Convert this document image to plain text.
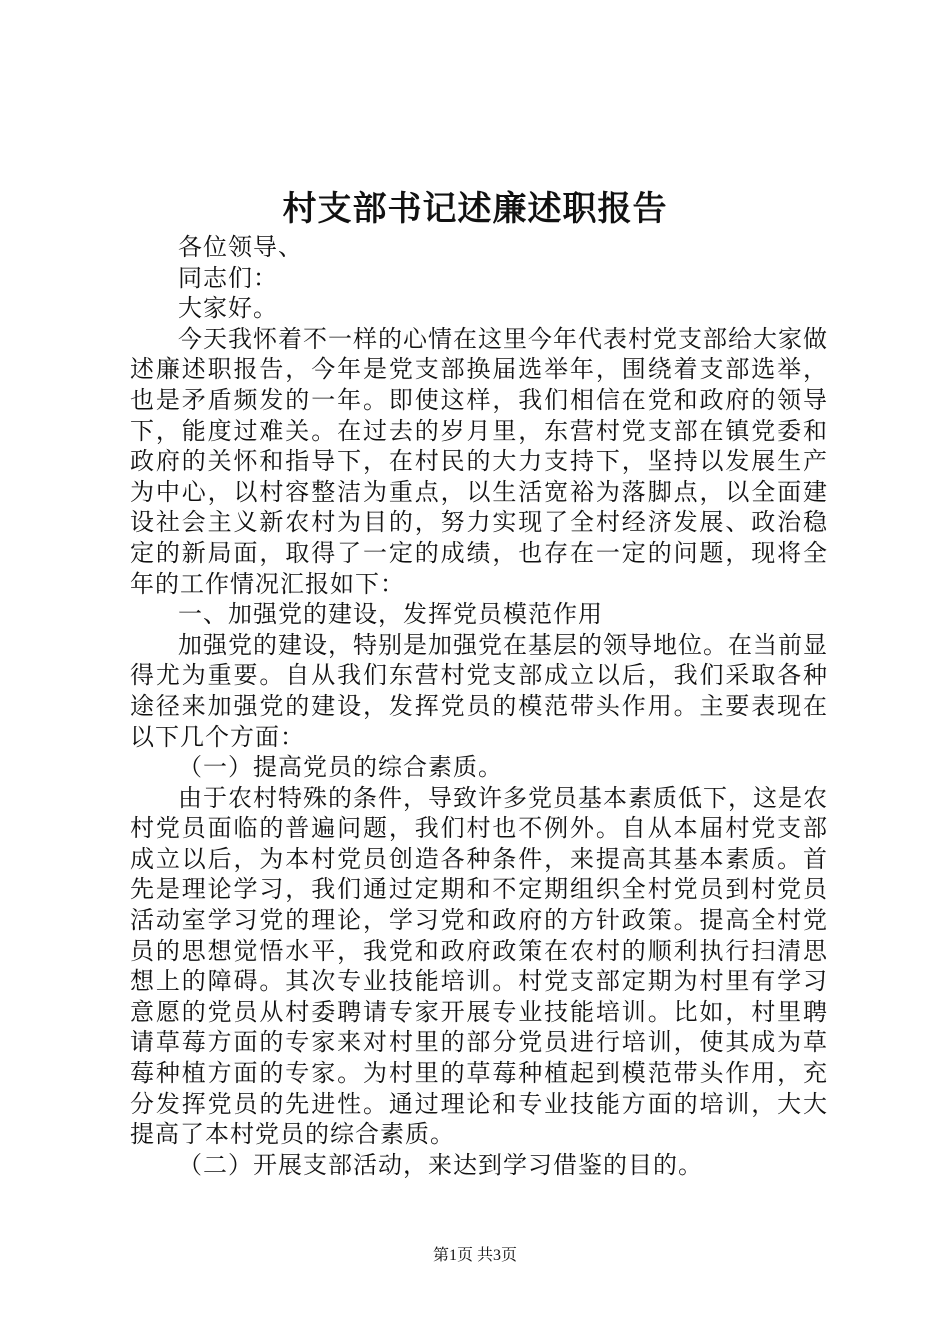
村支部书记述廉述职报告

各位领导、

同志们：

大家好。

今天我怀着不一样的心情在这里今年代表村党支部给大家做述廉述职报告，今年是党支部换届选举年，围绕着支部选举，也是矛盾频发的一年。即使这样，我们相信在党和政府的领导下，能度过难关。在过去的岁月里，东营村党支部在镇党委和政府的关怀和指导下，在村民的大力支持下，坚持以发展生产为中心，以村容整洁为重点，以生活宽裕为落脚点，以全面建设社会主义新农村为目的，努力实现了全村经济发展、政治稳定的新局面，取得了一定的成绩，也存在一定的问题，现将全年的工作情况汇报如下：

一、加强党的建设，发挥党员模范作用

加强党的建设，特别是加强党在基层的领导地位。在当前显得尤为重要。自从我们东营村党支部成立以后，我们采取各种途径来加强党的建设，发挥党员的模范带头作用。主要表现在以下几个方面：

（一）提高党员的综合素质。

由于农村特殊的条件，导致许多党员基本素质低下，这是农村党员面临的普遍问题，我们村也不例外。自从本届村党支部成立以后，为本村党员创造各种条件，来提高其基本素质。首先是理论学习，我们通过定期和不定期组织全村党员到村党员活动室学习党的理论，学习党和政府的方针政策。提高全村党员的思想觉悟水平，我党和政府政策在农村的顺利执行扫清思想上的障碍。其次专业技能培训。村党支部定期为村里有学习意愿的党员从村委聘请专家开展专业技能培训。比如，村里聘请草莓方面的专家来对村里的部分党员进行培训，使其成为草莓种植方面的专家。为村里的草莓种植起到模范带头作用，充分发挥党员的先进性。通过理论和专业技能方面的培训，大大提高了本村党员的综合素质。

（二）开展支部活动，来达到学习借鉴的目的。

第1页 共3页
